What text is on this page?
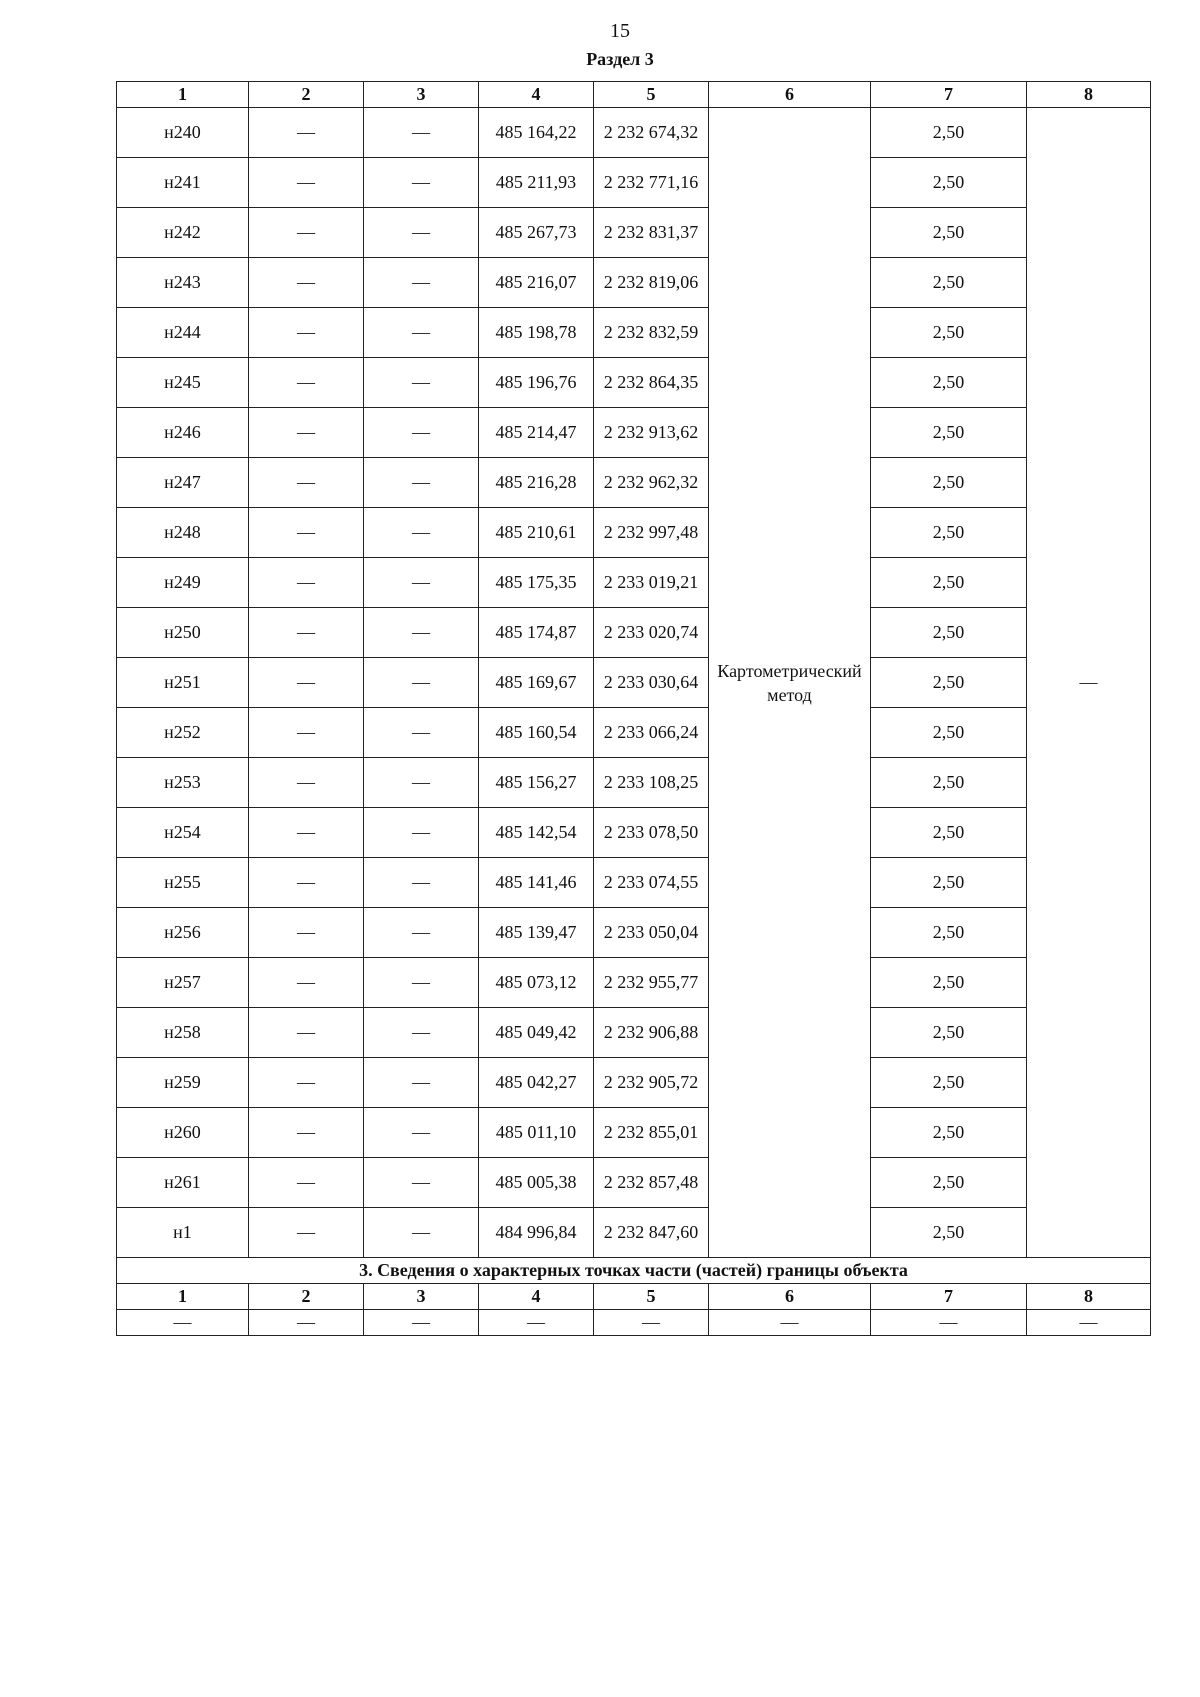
15
Раздел 3
1	2	3	4	5	6	7	8
н240	—	—	485 164,22	2 232 674,32	Картометрический метод	2,50	—
н241	—	—	485 211,93	2 232 771,16		2,50	
н242	—	—	485 267,73	2 232 831,37		2,50	
н243	—	—	485 216,07	2 232 819,06		2,50	
н244	—	—	485 198,78	2 232 832,59		2,50	
н245	—	—	485 196,76	2 232 864,35		2,50	
н246	—	—	485 214,47	2 232 913,62		2,50	
н247	—	—	485 216,28	2 232 962,32		2,50	
н248	—	—	485 210,61	2 232 997,48		2,50	
н249	—	—	485 175,35	2 233 019,21		2,50	
н250	—	—	485 174,87	2 233 020,74		2,50	
н251	—	—	485 169,67	2 233 030,64		2,50	
н252	—	—	485 160,54	2 233 066,24		2,50	
н253	—	—	485 156,27	2 233 108,25		2,50	
н254	—	—	485 142,54	2 233 078,50		2,50	
н255	—	—	485 141,46	2 233 074,55		2,50	
н256	—	—	485 139,47	2 233 050,04		2,50	
н257	—	—	485 073,12	2 232 955,77		2,50	
н258	—	—	485 049,42	2 232 906,88		2,50	
н259	—	—	485 042,27	2 232 905,72		2,50	
н260	—	—	485 011,10	2 232 855,01		2,50	
н261	—	—	485 005,38	2 232 857,48		2,50	
н1	—	—	484 996,84	2 232 847,60		2,50	
3. Сведения о характерных точках части (частей) границы объекта							
1	2	3	4	5	6	7	8
—	—	—	—	—	—	—	—
